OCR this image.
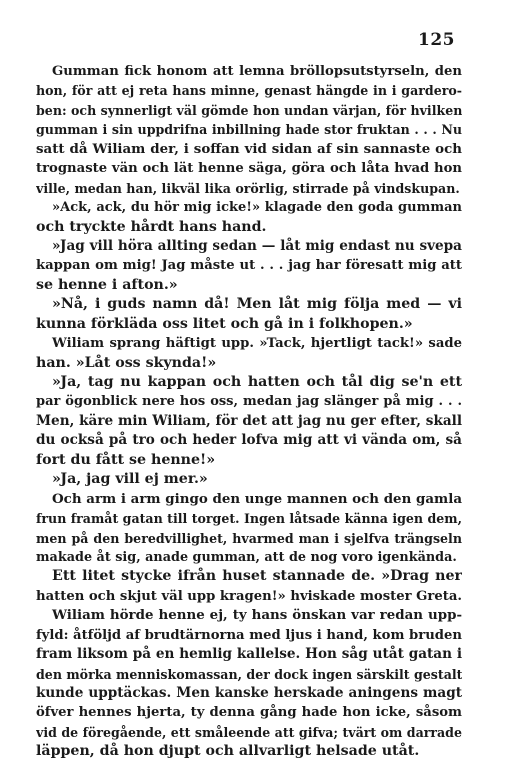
125
Gumman fick honom att lemna bröllopsutstyrseln, den
hon, för att ej reta hans minne, genast hängde in i gardero-
ben: och synnerligt väl gömde hon undan värjan, för hvilken
gumman i sin uppdrifna inbillning hade stor fruktan . . . Nu
satt då Wiliam der, i soffan vid sidan af sin sannaste och
trognaste vän och lät henne säga, göra och låta hvad hon
ville, medan han, likväl lika orörlig, stirrade på vindskupan.
»Ack, ack, du hör mig icke!» klagade den goda gumman
och tryckte hårdt hans hand.
»Jag vill höra allting sedan — låt mig endast nu svepa
kappan om mig! Jag måste ut . . . jag har föresatt mig att
se henne i afton.»
»Nå, i guds namn då! Men låt mig följa med — vi
kunna förkläda oss litet och gå in i folkhopen.»
Wiliam sprang häftigt upp. »Tack, hjertligt tack!» sade
han. »Låt oss skynda!»
»Ja, tag nu kappan och hatten och tål dig se'n ett
par ögonblick nere hos oss, medan jag slänger på mig . . .
Men, käre min Wiliam, för det att jag nu ger efter, skall
du också på tro och heder lofva mig att vi vända om, så
fort du fått se henne!»
»Ja, jag vill ej mer.»
Och arm i arm gingo den unge mannen och den gamla
frun framåt gatan till torget. Ingen låtsade känna igen dem,
men på den beredvillighet, hvarmed man i sjelfva trängseln
makade åt sig, anade gumman, att de nog voro igenkända.
Ett litet stycke ifrån huset stannade de. »Drag ner
hatten och skjut väl upp kragen!» hviskade moster Greta.
Wiliam hörde henne ej, ty hans önskan var redan upp-
fyld: åtföljd af brudtärnorna med ljus i hand, kom bruden
fram liksom på en hemlig kallelse. Hon såg utåt gatan i
den mörka menniskomassan, der dock ingen särskilt gestalt
kunde upptäckas. Men kanske herskade aningens magt
öfver hennes hjerta, ty denna gång hade hon icke, såsom
vid de föregående, ett småleende att gifva; tvärt om darrade
läppen, då hon djupt och allvarligt helsade utåt.
